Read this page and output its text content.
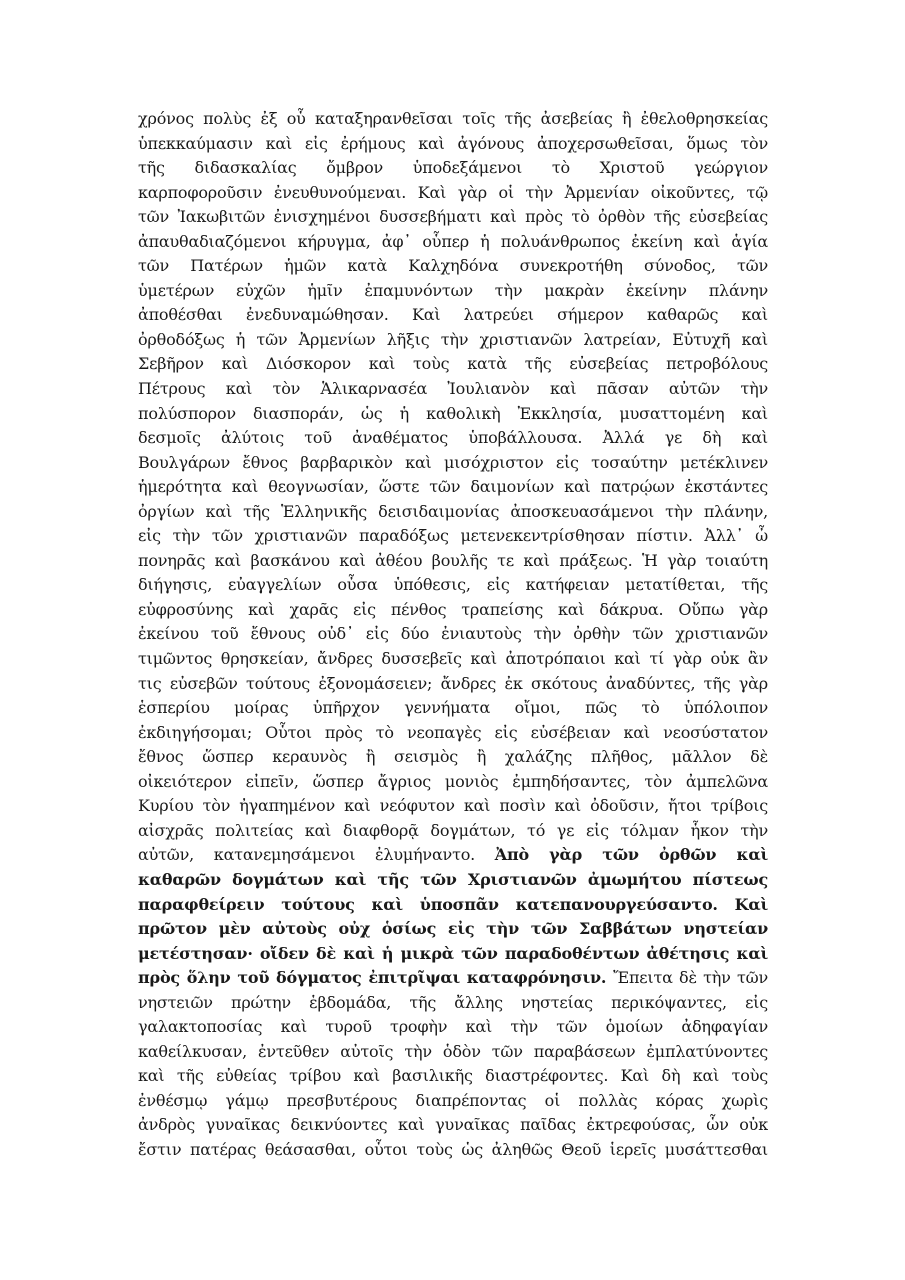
χρόνος πολὺς ἐξ οὗ καταξηρανθεῖσαι τοῖς τῆς ἀσεβείας ἢ ἐθελοθρησκείας
ὑπεκκαύμασιν καὶ εἰς ἐρήμους καὶ ἀγόνους ἀποχερσωθεῖσαι, ὅμως τὸν
τῆς διδασκαλίας ὄμβρον ὑποδεξάμενοι τὸ Χριστοῦ γεώργιον
καρποφοροῦσιν ἐνευθυνούμεναι. Καὶ γὰρ οἱ τὴν Ἀρμενίαν οἰκοῦντες, τῷ
τῶν Ἰακωβιτῶν ἐνισχημένοι δυσσεβήματι καὶ πρὸς τὸ ὀρθὸν τῆς εὐσεβείας
ἀπαυθαδιαζόμενοι κήρυγμα, ἀφ᾽ οὗπερ ἡ πολυάνθρωπος ἐκείνη καὶ ἁγία
τῶν Πατέρων ἡμῶν κατὰ Καλχηδόνα συνεκροτήθη σύνοδος, τῶν
ὑμετέρων εὐχῶν ἡμῖν ἐπαμυνόντων τὴν μακρὰν ἐκείνην πλάνην
ἀποθέσθαι ἐνεδυναμώθησαν. Καὶ λατρεύει σήμερον καθαρῶς καὶ
ὀρθοδόξως ἡ τῶν Ἀρμενίων λῆξις τὴν χριστιανῶν λατρείαν, Εὐτυχῆ καὶ
Σεβῆρον καὶ Διόσκορον καὶ τοὺς κατὰ τῆς εὐσεβείας πετροβόλους
Πέτρους καὶ τὸν Ἁλικαρνασέα Ἰουλιανὸν καὶ πᾶσαν αὐτῶν τὴν
πολύσπορον διασποράν, ὡς ἡ καθολικὴ Ἐκκλησία, μυσαττομένη καὶ
δεσμοῖς ἀλύτοις τοῦ ἀναθέματος ὑποβάλλουσα. Ἀλλά γε δὴ καὶ
Βουλγάρων ἔθνος βαρβαρικὸν καὶ μισόχριστον εἰς τοσαύτην μετέκλινεν
ἡμερότητα καὶ θεογνωσίαν, ὥστε τῶν δαιμονίων καὶ πατρῴων ἐκστάντες
ὀργίων καὶ τῆς Ἑλληνικῆς δεισιδαιμονίας ἀποσκευασάμενοι τὴν πλάνην,
εἰς τὴν τῶν χριστιανῶν παραδόξως μετενεκεντρίσθησαν πίστιν. Ἀλλ᾽ ὦ
πονηρᾶς καὶ βασκάνου καὶ ἀθέου βουλῆς τε καὶ πράξεως. Ἡ γὰρ τοιαύτη
διήγησις, εὐαγγελίων οὖσα ὑπόθεσις, εἰς κατήφειαν μετατίθεται, τῆς
εὐφροσύνης καὶ χαρᾶς εἰς πένθος τραπείσης καὶ δάκρυα. Οὔπω γὰρ
ἐκείνου τοῦ ἔθνους οὐδ᾽ εἰς δύο ἐνιαυτοὺς τὴν ὀρθὴν τῶν χριστιανῶν
τιμῶντος θρησκείαν, ἄνδρες δυσσεβεῖς καὶ ἀποτρόπαιοι καὶ τί γὰρ οὐκ ἂν
τις εὐσεβῶν τούτους ἐξονομάσειεν; ἄνδρες ἐκ σκότους ἀναδύντες, τῆς γὰρ
ἑσπερίου μοίρας ὑπῆρχον γεννήματα οἴμοι, πῶς τὸ ὑπόλοιπον
ἐκδιηγήσομαι; Οὗτοι πρὸς τὸ νεοπαγὲς εἰς εὐσέβειαν καὶ νεοσύστατον
ἔθνος ὥσπερ κεραυνὸς ἢ σεισμὸς ἢ χαλάζης πλῆθος, μᾶλλον δὲ
οἰκειότερον εἰπεῖν, ὥσπερ ἄγριος μονιὸς ἐμπηδήσαντες, τὸν ἀμπελῶνα
Κυρίου τὸν ἠγαπημένον καὶ νεόφυτον καὶ ποσὶν καὶ ὀδοῦσιν, ἤτοι τρίβοις
αἰσχρᾶς πολιτείας καὶ διαφθορᾷ δογμάτων, τό γε εἰς τόλμαν ἧκον τὴν
αὐτῶν, κατανεμησάμενοι ἐλυμήναντο. Ἀπὸ γὰρ τῶν ὀρθῶν καὶ
καθαρῶν δογμάτων καὶ τῆς τῶν Χριστιανῶν ἀμωμήτου πίστεως
παραφθείρειν τούτους καὶ ὑποσπᾶν κατεπανουργεύσαντο. Καὶ
πρῶτον μὲν αὐτοὺς οὐχ ὁσίως εἰς τὴν τῶν Σαββάτων νηστείαν
μετέστησαν· οἴδεν δὲ καὶ ἡ μικρὰ τῶν παραδοθέντων ἀθέτησις καὶ
πρὸς ὅλην τοῦ δόγματος ἐπιτρῖψαι καταφρόνησιν. Ἔπειτα δὲ τὴν τῶν
νηστειῶν πρώτην ἑβδομάδα, τῆς ἄλλης νηστείας περικόψαντες, εἰς
γαλακτοποσίας καὶ τυροῦ τροφὴν καὶ τὴν τῶν ὁμοίων ἀδηφαγίαν
καθείλκυσαν, ἐντεῦθεν αὐτοῖς τὴν ὁδὸν τῶν παραβάσεων ἐμπλατύνοντες
καὶ τῆς εὐθείας τρίβου καὶ βασιλικῆς διαστρέφοντες. Καὶ δὴ καὶ τοὺς
ἐνθέσμῳ γάμῳ πρεσβυτέρους διαπρέποντας οἱ πολλὰς κόρας χωρὶς
ἀνδρὸς γυναῖκας δεικνύοντες καὶ γυναῖκας παῖδας ἐκτρεφούσας, ὧν οὐκ
ἔστιν πατέρας θεάσασθαι, οὗτοι τοὺς ὡς ἀληθῶς Θεοῦ ἱερεῖς μυσάττεσθαι
